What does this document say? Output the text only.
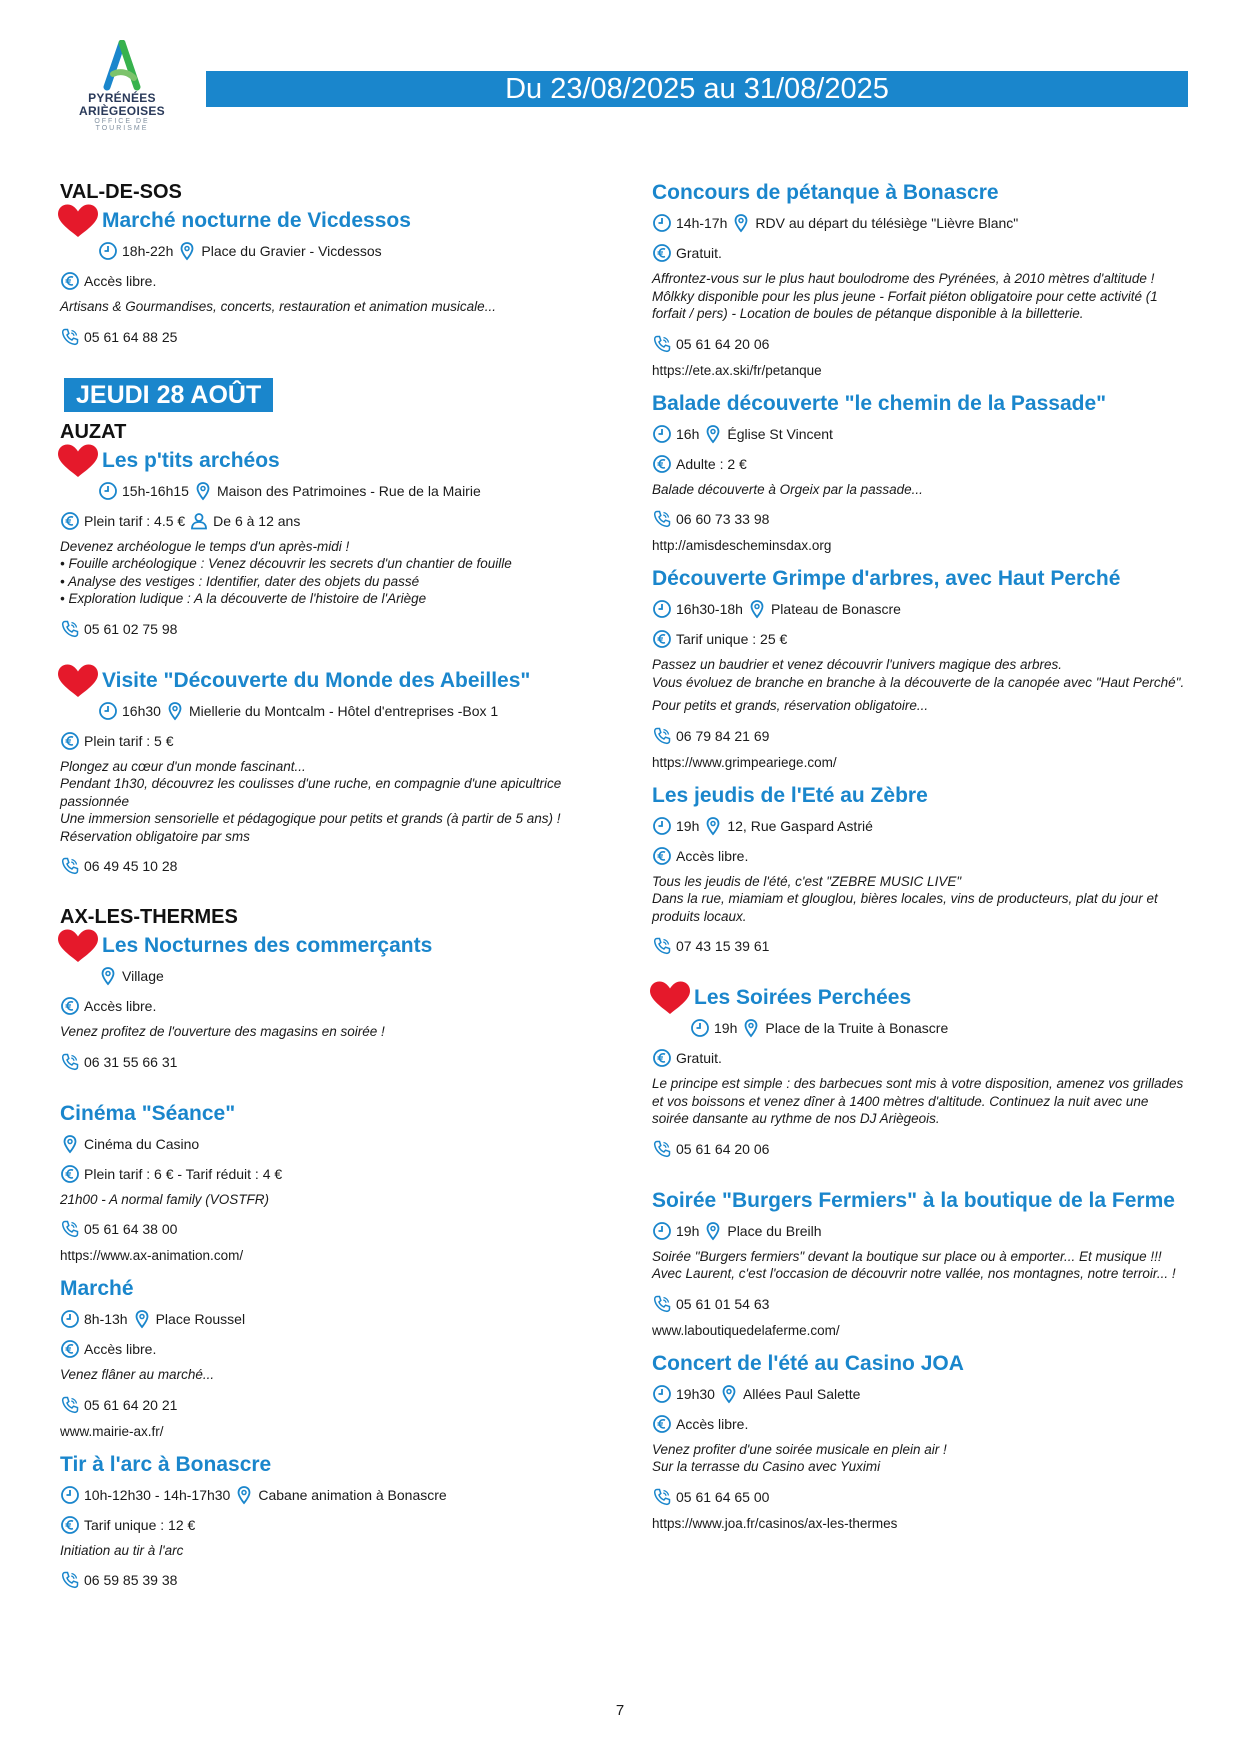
PYRÉNÉES
ARIÈGEOISES
OFFICE DE TOURISME
Du 23/08/2025 au 31/08/2025
VAL-DE-SOS
Marché nocturne de Vicdessos
18h-22h Place du Gravier - Vicdessos
Accès libre.
Artisans & Gourmandises, concerts, restauration et animation musicale...
05 61 64 88 25
JEUDI 28 AOÛT
AUZAT
Les p'tits archéos
15h-16h15 Maison des Patrimoines - Rue de la Mairie
Plein tarif : 4.5 € De 6 à 12 ans
Devenez archéologue le temps d'un après-midi !
• Fouille archéologique : Venez découvrir les secrets d'un chantier de fouille
• Analyse des vestiges : Identifier, dater des objets du passé
• Exploration ludique : A la découverte de l'histoire de l'Ariège
05 61 02 75 98
Visite "Découverte du Monde des Abeilles"
16h30 Miellerie du Montcalm - Hôtel d'entreprises -Box 1
Plein tarif : 5 €
Plongez au cœur d'un monde fascinant...
Pendant 1h30, découvrez les coulisses d'une ruche, en compagnie d'une apicultrice
passionnée
Une immersion sensorielle et pédagogique pour petits et grands (à partir de 5 ans) !
Réservation obligatoire par sms
06 49 45 10 28
AX-LES-THERMES
Les Nocturnes des commerçants
Village
Accès libre.
Venez profitez de l'ouverture des magasins en soirée !
06 31 55 66 31
Cinéma "Séance"
Cinéma du Casino
Plein tarif : 6 € - Tarif réduit : 4 €
21h00 - A normal family (VOSTFR)
05 61 64 38 00
https://www.ax-animation.com/
Marché
8h-13h Place Roussel
Accès libre.
Venez flâner au marché...
05 61 64 20 21
www.mairie-ax.fr/
Tir à l'arc à Bonascre
10h-12h30 - 14h-17h30 Cabane animation à Bonascre
Tarif unique : 12 €
Initiation au tir à l'arc
06 59 85 39 38
Concours de pétanque à Bonascre
14h-17h RDV au départ du télésiège "Lièvre Blanc"
Gratuit.
Affrontez-vous sur le plus haut boulodrome des Pyrénées, à 2010 mètres d'altitude !
Môlkky disponible pour les plus jeune - Forfait piéton obligatoire pour cette activité (1
forfait / pers) - Location de boules de pétanque disponible à la billetterie.
05 61 64 20 06
https://ete.ax.ski/fr/petanque
Balade découverte "le chemin de la Passade"
16h Église St Vincent
Adulte : 2 €
Balade découverte à Orgeix par la passade...
06 60 73 33 98
http://amisdescheminsdax.org
Découverte Grimpe d'arbres, avec Haut Perché
16h30-18h Plateau de Bonascre
Tarif unique : 25 €
Passez un baudrier et venez découvrir l'univers magique des arbres.
Vous évoluez de branche en branche à la découverte de la canopée avec "Haut Perché".
Pour petits et grands, réservation obligatoire...
06 79 84 21 69
https://www.grimpeariege.com/
Les jeudis de l'Eté au Zèbre
19h 12, Rue Gaspard Astrié
Accès libre.
Tous les jeudis de l'été, c'est "ZEBRE MUSIC LIVE"
Dans la rue, miamiam et glouglou, bières locales, vins de producteurs, plat du jour et
produits locaux.
07 43 15 39 61
Les Soirées Perchées
19h Place de la Truite à Bonascre
Gratuit.
Le principe est simple : des barbecues sont mis à votre disposition, amenez vos grillades
et vos boissons et venez dîner à 1400 mètres d'altitude. Continuez la nuit avec une
soirée dansante au rythme de nos DJ Ariègeois.
05 61 64 20 06
Soirée "Burgers Fermiers" à la boutique de la Ferme
19h Place du Breilh
Soirée "Burgers fermiers" devant la boutique sur place ou à emporter... Et musique !!!
Avec Laurent, c'est l'occasion de découvrir notre vallée, nos montagnes, notre terroir... !
05 61 01 54 63
www.laboutiquedelaferme.com/
Concert de l'été au Casino JOA
19h30 Allées Paul Salette
Accès libre.
Venez profiter d'une soirée musicale en plein air !
Sur la terrasse du Casino avec Yuximi
05 61 64 65 00
https://www.joa.fr/casinos/ax-les-thermes
7
